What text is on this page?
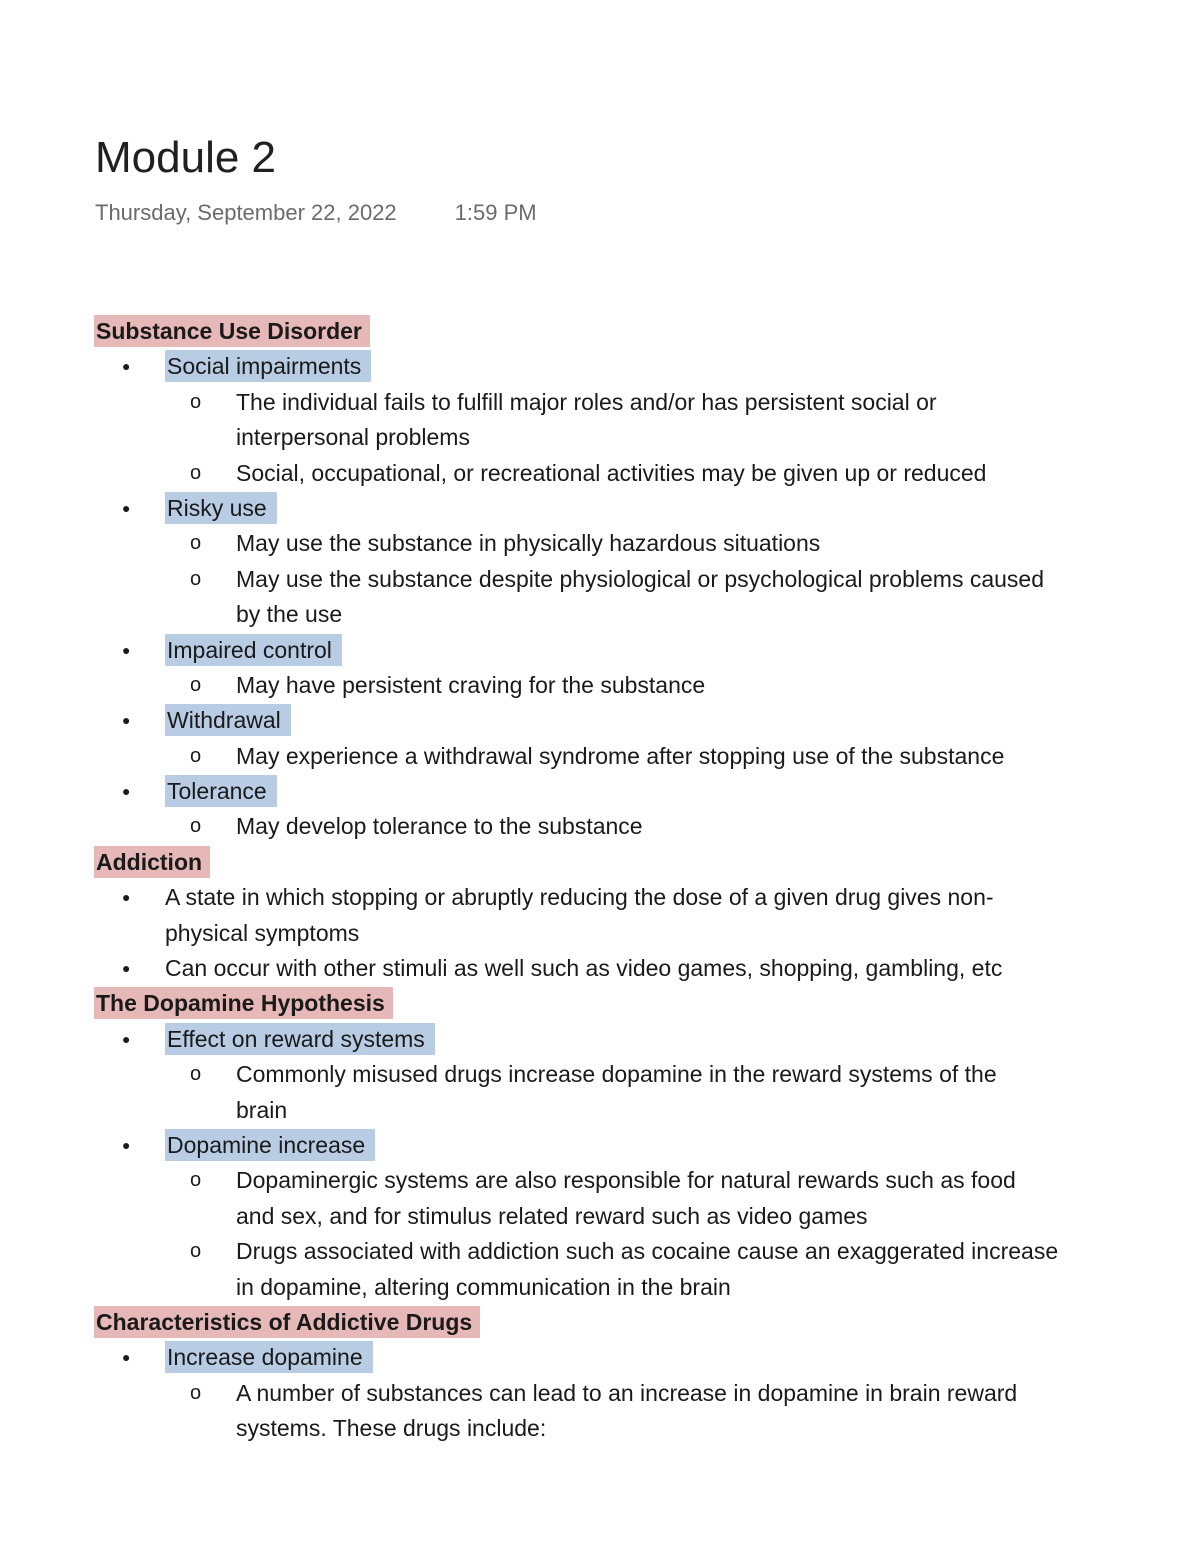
Module 2
Thursday, September 22, 2022	1:59 PM
Substance Use Disorder
● Social impairments
o The individual fails to fulfill major roles and/or has persistent social or
interpersonal problems
o Social, occupational, or recreational activities may be given up or reduced
● Risky use
o May use the substance in physically hazardous situations
o May use the substance despite physiological or psychological problems caused
by the use
● Impaired control
o May have persistent craving for the substance
● Withdrawal
o May experience a withdrawal syndrome after stopping use of the substance
● Tolerance
o May develop tolerance to the substance
Addiction
● A state in which stopping or abruptly reducing the dose of a given drug gives non-
physical symptoms
● Can occur with other stimuli as well such as video games, shopping, gambling, etc
The Dopamine Hypothesis
● Effect on reward systems
o Commonly misused drugs increase dopamine in the reward systems of the
brain
● Dopamine increase
o Dopaminergic systems are also responsible for natural rewards such as food
and sex, and for stimulus related reward such as video games
o Drugs associated with addiction such as cocaine cause an exaggerated increase
in dopamine, altering communication in the brain
Characteristics of Addictive Drugs
● Increase dopamine
o A number of substances can lead to an increase in dopamine in brain reward
systems. These drugs include:
